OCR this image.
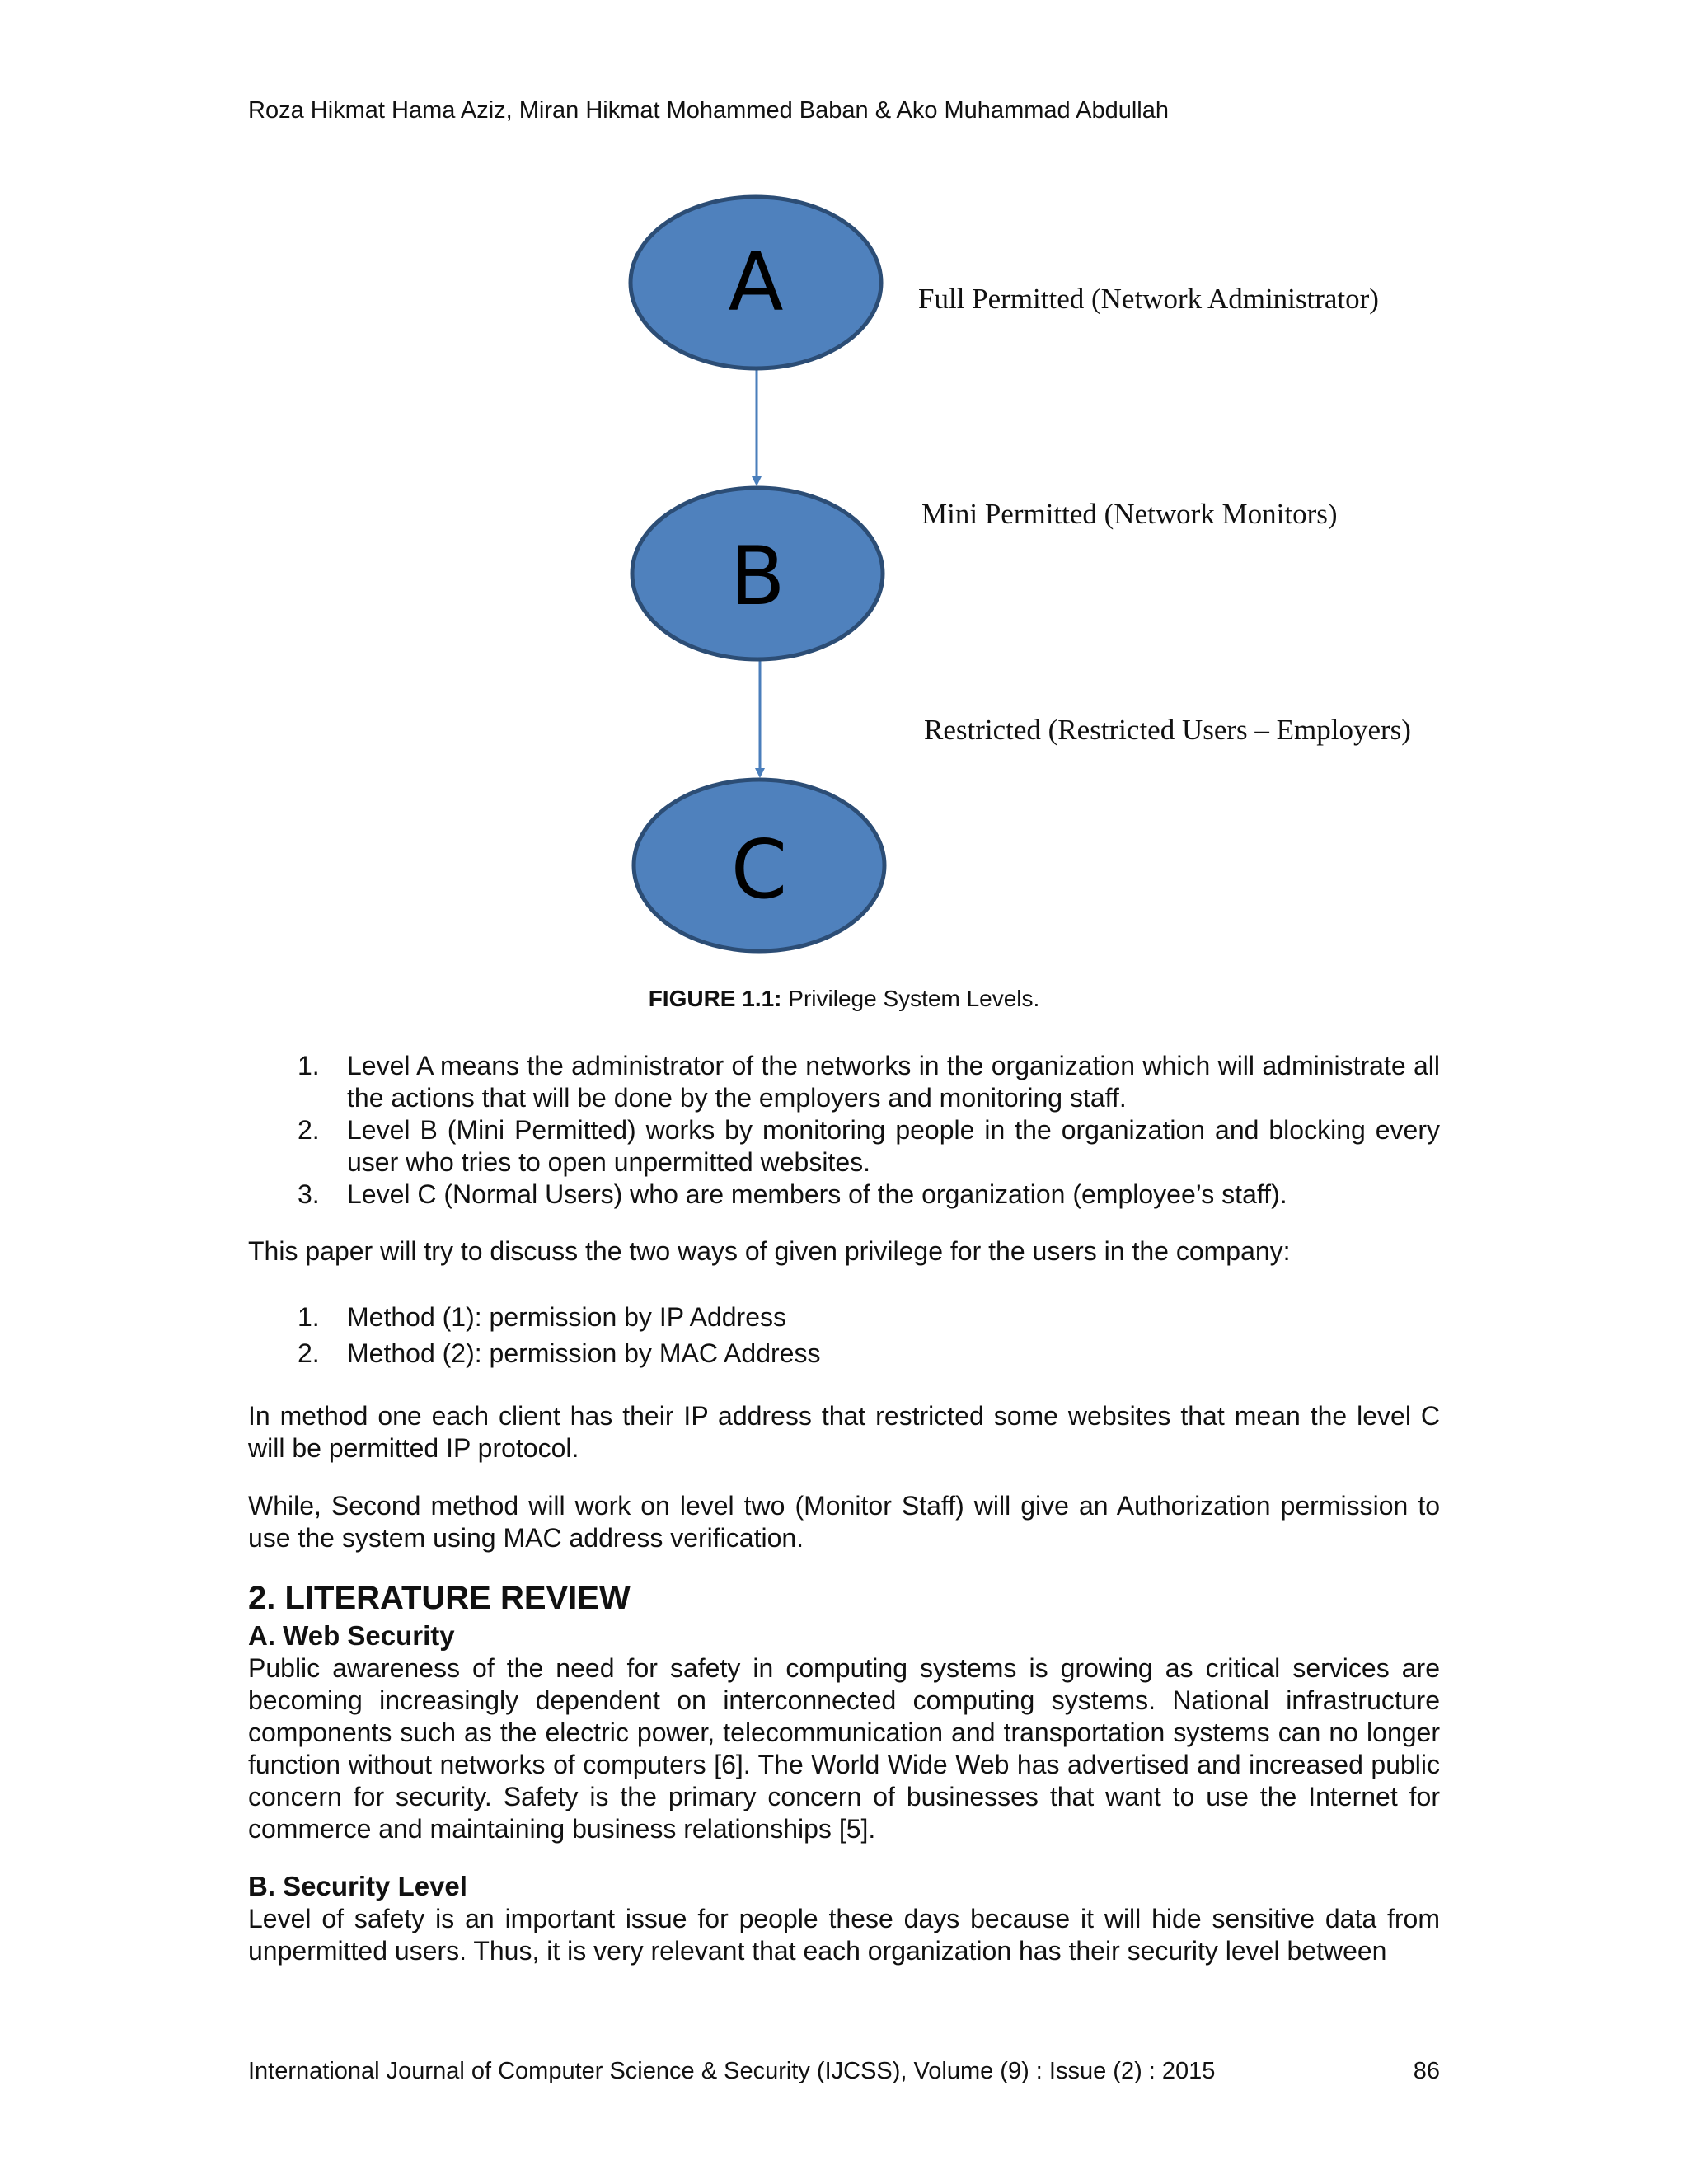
Roza Hikmat Hama Aziz, Miran Hikmat Mohammed Baban & Ako Muhammad Abdullah
A
B
C
Full Permitted (Network Administrator)
Mini Permitted (Network Monitors)
Restricted (Restricted Users – Employers)
FIGURE 1.1: Privilege System Levels.
1. Level A means the administrator of the networks in the organization which will administrate all the actions that will be done by the employers and monitoring staff.
2. Level B (Mini Permitted) works by monitoring people in the organization and blocking every user who tries to open unpermitted websites.
3. Level C (Normal Users) who are members of the organization (employee’s staff).
This paper will try to discuss the two ways of given privilege for the users in the company:
1. Method (1): permission by IP Address
2. Method (2): permission by MAC Address
In method one each client has their IP address that restricted some websites that mean the level C will be permitted IP protocol.
While, Second method will work on level two (Monitor Staff) will give an Authorization permission to use the system using MAC address verification.
2. LITERATURE REVIEW
A. Web Security
Public awareness of the need for safety in computing systems is growing as critical services are becoming increasingly dependent on interconnected computing systems. National infrastructure components such as the electric power, telecommunication and transportation systems can no longer function without networks of computers [6]. The World Wide Web has advertised and increased public concern for security. Safety is the primary concern of businesses that want to use the Internet for commerce and maintaining business relationships [5].
B. Security Level
Level of safety is an important issue for people these days because it will hide sensitive data from unpermitted users. Thus, it is very relevant that each organization has their security level between
International Journal of Computer Science & Security (IJCSS), Volume (9) : Issue (2) : 2015	86
